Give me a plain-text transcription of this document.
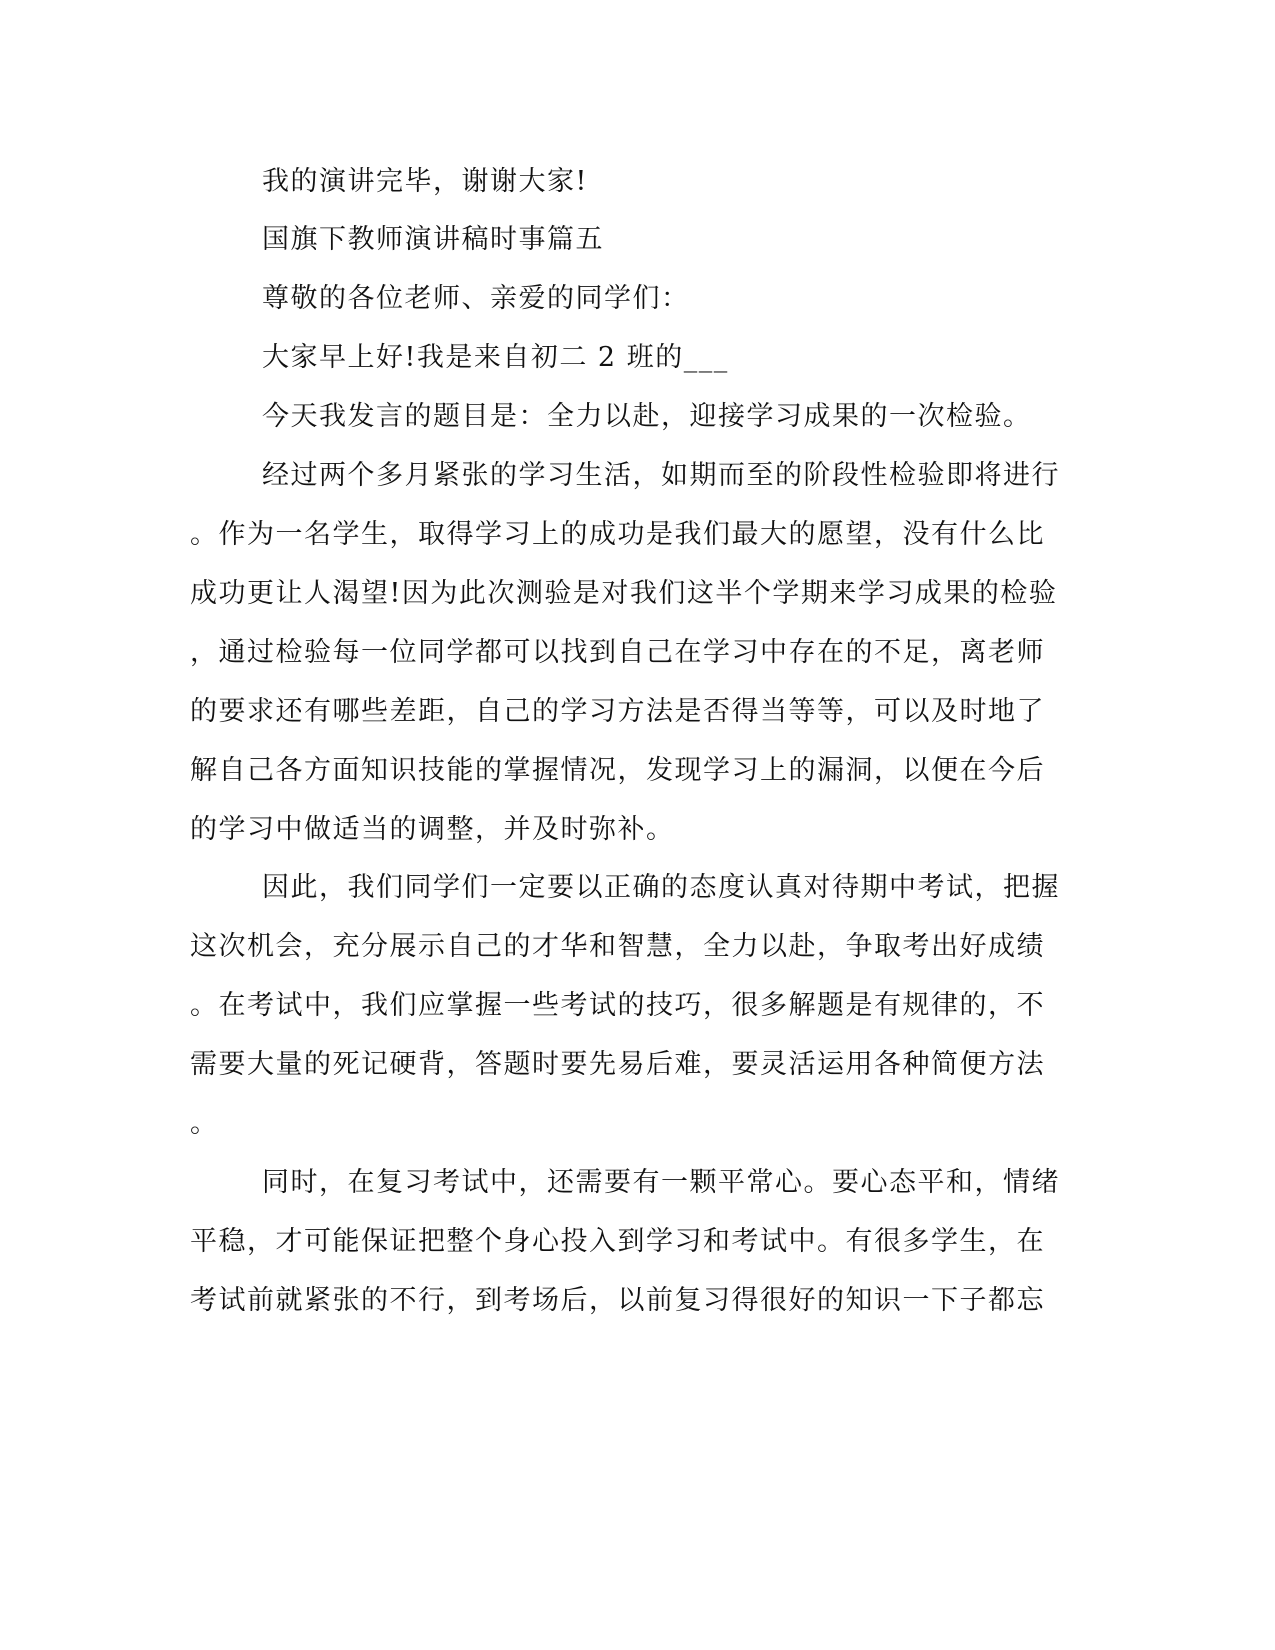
我的演讲完毕，谢谢大家!
国旗下教师演讲稿时事篇五
尊敬的各位老师、亲爱的同学们：
大家早上好!我是来自初二 2 班的___
今天我发言的题目是：全力以赴，迎接学习成果的一次检验。
经过两个多月紧张的学习生活，如期而至的阶段性检验即将进行
。作为一名学生，取得学习上的成功是我们最大的愿望，没有什么比
成功更让人渴望!因为此次测验是对我们这半个学期来学习成果的检验
，通过检验每一位同学都可以找到自己在学习中存在的不足，离老师
的要求还有哪些差距，自己的学习方法是否得当等等，可以及时地了
解自己各方面知识技能的掌握情况，发现学习上的漏洞，以便在今后
的学习中做适当的调整，并及时弥补。
因此，我们同学们一定要以正确的态度认真对待期中考试，把握
这次机会，充分展示自己的才华和智慧，全力以赴，争取考出好成绩
。在考试中，我们应掌握一些考试的技巧，很多解题是有规律的，不
需要大量的死记硬背，答题时要先易后难，要灵活运用各种简便方法
。
同时，在复习考试中，还需要有一颗平常心。要心态平和，情绪
平稳，才可能保证把整个身心投入到学习和考试中。有很多学生，在
考试前就紧张的不行，到考场后，以前复习得很好的知识一下子都忘
